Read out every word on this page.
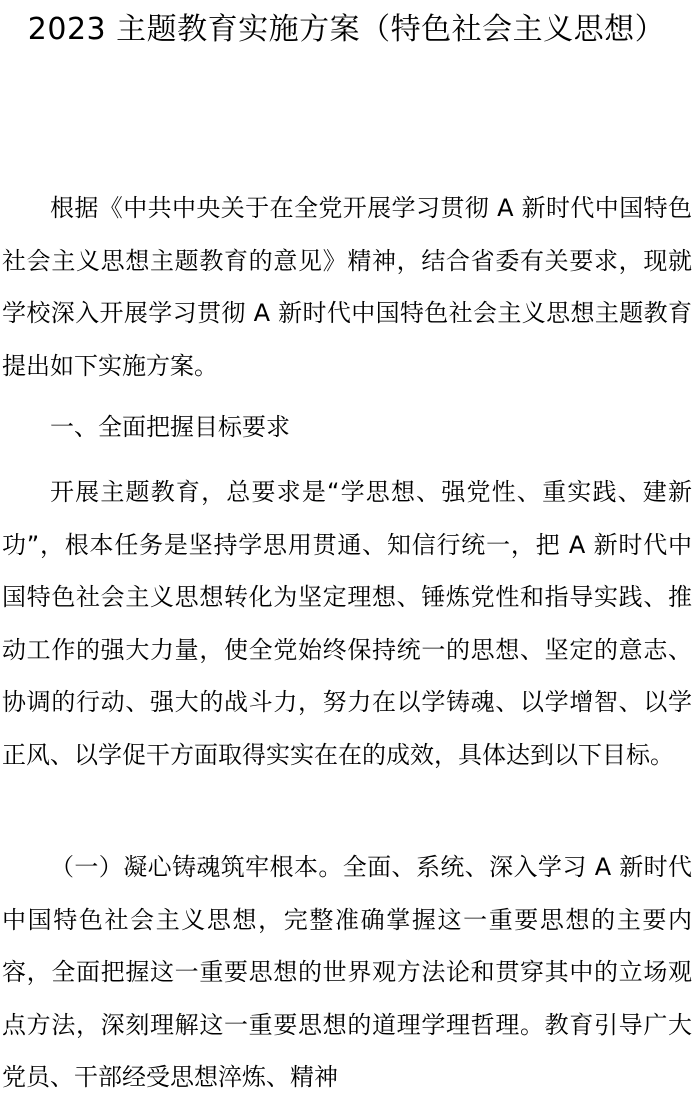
2023 主题教育实施方案（特色社会主义思想）

根据《中共中央关于在全党开展学习贯彻 A 新时代中国特色社会主义思想主题教育的意见》精神，结合省委有关要求，现就学校深入开展学习贯彻 A 新时代中国特色社会主义思想主题教育提出如下实施方案。

一、全面把握目标要求

开展主题教育，总要求是“学思想、强党性、重实践、建新功”，根本任务是坚持学思用贯通、知信行统一，把 A 新时代中国特色社会主义思想转化为坚定理想、锤炼党性和指导实践、推动工作的强大力量，使全党始终保持统一的思想、坚定的意志、协调的行动、强大的战斗力，努力在以学铸魂、以学增智、以学正风、以学促干方面取得实实在在的成效，具体达到以下目标。

（一）凝心铸魂筑牢根本。全面、系统、深入学习 A 新时代中国特色社会主义思想，完整准确掌握这一重要思想的主要内容，全面把握这一重要思想的世界观方法论和贯穿其中的立场观点方法，深刻理解这一重要思想的道理学理哲理。教育引导广大党员、干部经受思想淬炼、精神
